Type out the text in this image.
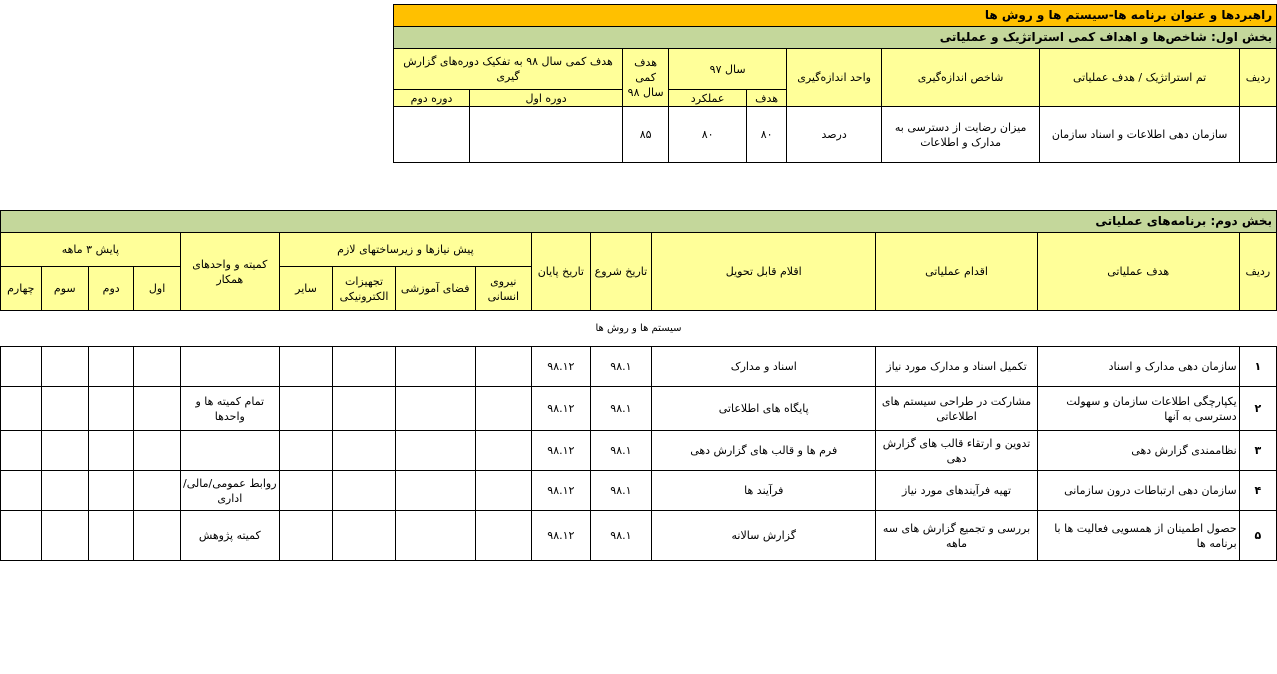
راهبردها و عنوان برنامه ها-سیستم ها و روش ها								
بخش اول: شاخص‌ها و اهداف کمی استراتژیک و عملیاتی								
ردیف	تم استراتژیک / هدف عملیاتی	شاخص اندازه‌گیری	واحد اندازه‌گیری	سال ۹۷		هدف کمی سال ۹۸	هدف کمی سال ۹۸ به تفکیک دوره‌های گزارش گیری	
				هدف	عملکرد		دوره اول	دوره دوم
	سازمان دهی اطلاعات و اسناد سازمان	میزان رضایت از دسترسی به مدارک و اطلاعات	درصد	۸۰	۸۰	۸۵		
بخش دوم: برنامه‌های عملیاتی														
ردیف	هدف عملیاتی	اقدام عملیاتی	اقلام قابل تحویل	تاریخ شروع	تاریخ پایان	پیش نیازها و زیرساختهای لازم				کمیته و واحدهای همکار	پایش ۳ ماهه			
						نیروی انسانی	فضای آموزشی	تجهیزات الکترونیکی	سایر		اول	دوم	سوم	چهارم
سیستم ها و روش ها														
۱	سازمان دهی مدارک و اسناد	تکمیل اسناد و مدارک مورد نیاز	اسناد و مدارک	۹۸.۱	۹۸.۱۲									
۲	یکپارچگی اطلاعات سازمان و سهولت دسترسی به آنها	مشارکت در طراحی سیستم های اطلاعاتی	پایگاه های اطلاعاتی	۹۸.۱	۹۸.۱۲					تمام کمیته ها و واحدها				
۳	نظاممندی گزارش دهی	تدوین و ارتقاء قالب های گزارش دهی	فرم ها و قالب های گزارش دهی	۹۸.۱	۹۸.۱۲									
۴	سازمان دهی ارتباطات درون سازمانی	تهیه فرآیندهای مورد نیاز	فرآیند ها	۹۸.۱	۹۸.۱۲					روابط عمومی/مالی/اداری				
۵	حصول اطمینان از همسویی فعالیت ها با برنامه ها	بررسی و تجمیع گزارش های سه ماهه	گزارش سالانه	۹۸.۱	۹۸.۱۲					کمیته پژوهش				
